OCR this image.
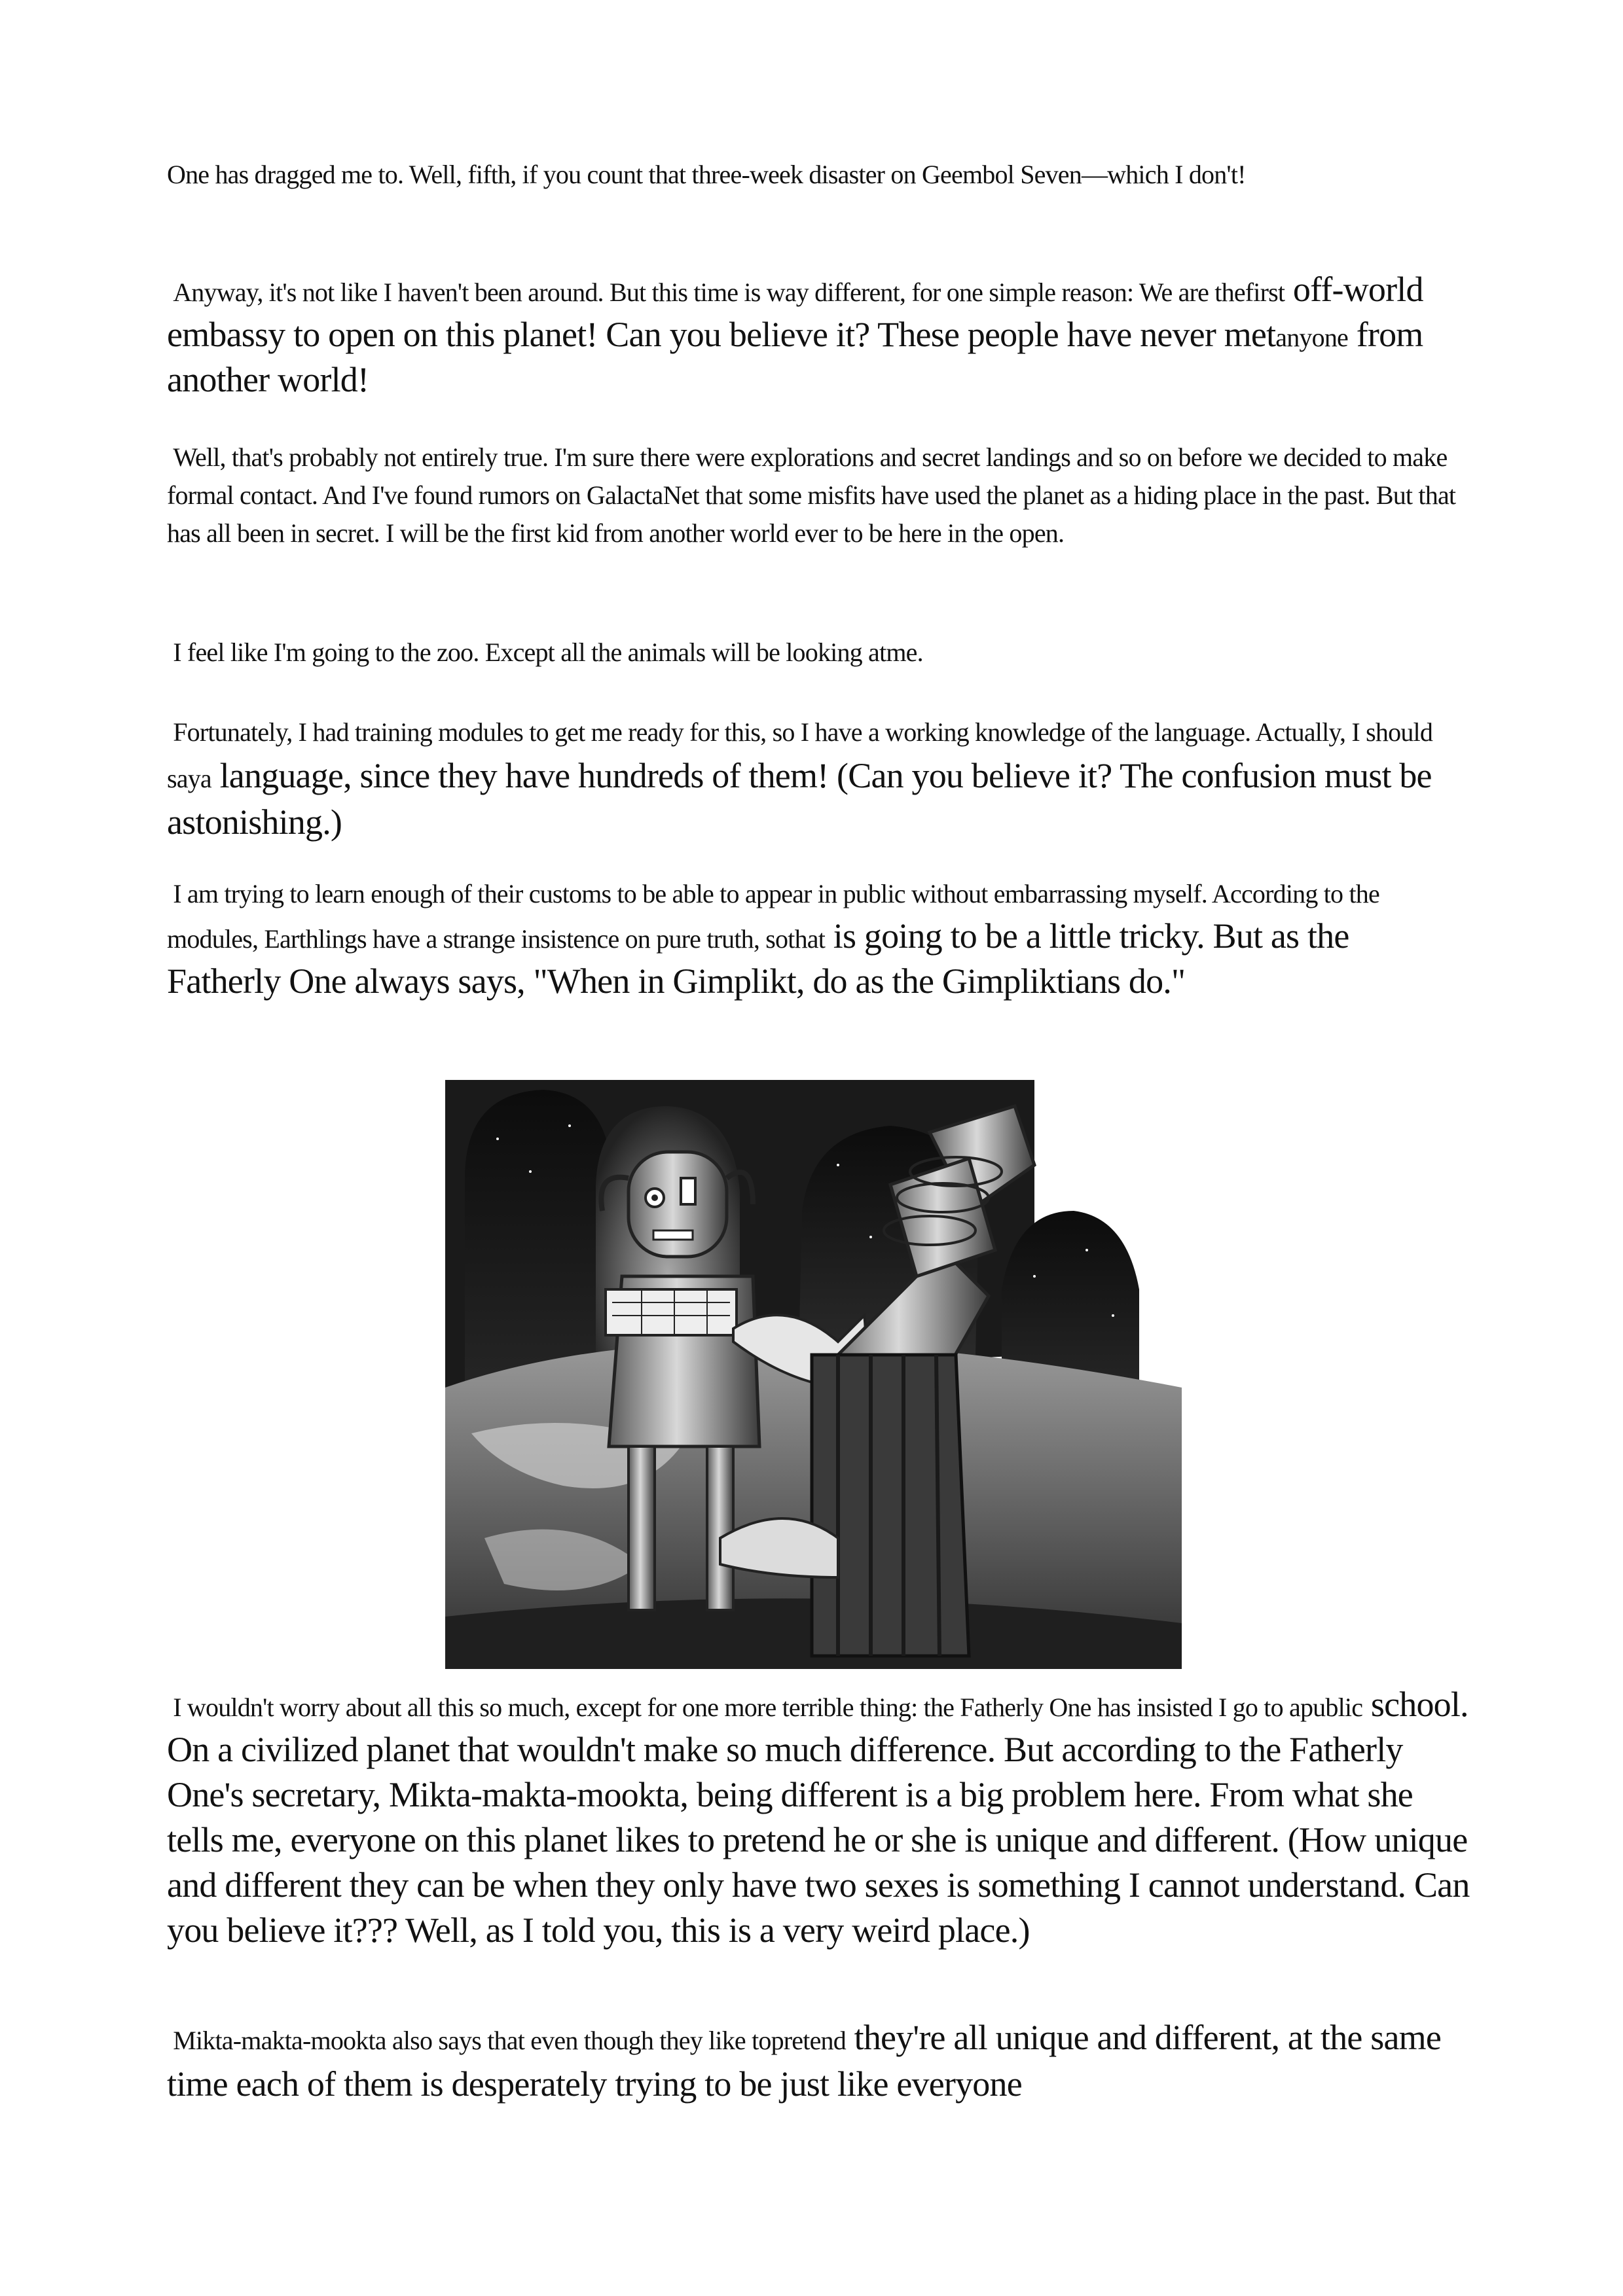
One has dragged me to. Well, fifth, if you count that three-week disaster on Geembol Seven—which I don't!

Anyway, it's not like I haven't been around. But this time is way different, for one simple reason: We are thefirst off-world embassy to open on this planet! Can you believe it? These people have never metanyone from another world!

Well, that's probably not entirely true. I'm sure there were explorations and secret landings and so on before we decided to make formal contact. And I've found rumors on GalactaNet that some misfits have used the planet as a hiding place in the past. But that has all been in secret. I will be the first kid from another world ever to be here in the open.

I feel like I'm going to the zoo. Except all the animals will be looking atme.

Fortunately, I had training modules to get me ready for this, so I have a working knowledge of the language. Actually, I should saya language, since they have hundreds of them! (Can you believe it? The confusion must be astonishing.)

I am trying to learn enough of their customs to be able to appear in public without embarrassing myself. According to the modules, Earthlings have a strange insistence on pure truth, sothat is going to be a little tricky. But as the Fatherly One always says, "When in Gimplikt, do as the Gimpliktians do."

I wouldn't worry about all this so much, except for one more terrible thing: the Fatherly One has insisted I go to apublic school. On a civilized planet that wouldn't make so much difference. But according to the Fatherly One's secretary, Mikta-makta-mookta, being different is a big problem here. From what she tells me, everyone on this planet likes to pretend he or she is unique and different. (How unique and different they can be when they only have two sexes is something I cannot understand. Can you believe it??? Well, as I told you, this is a very weird place.)

Mikta-makta-mookta also says that even though they like topretend they're all unique and different, at the same time each of them is desperately trying to be just like everyone
